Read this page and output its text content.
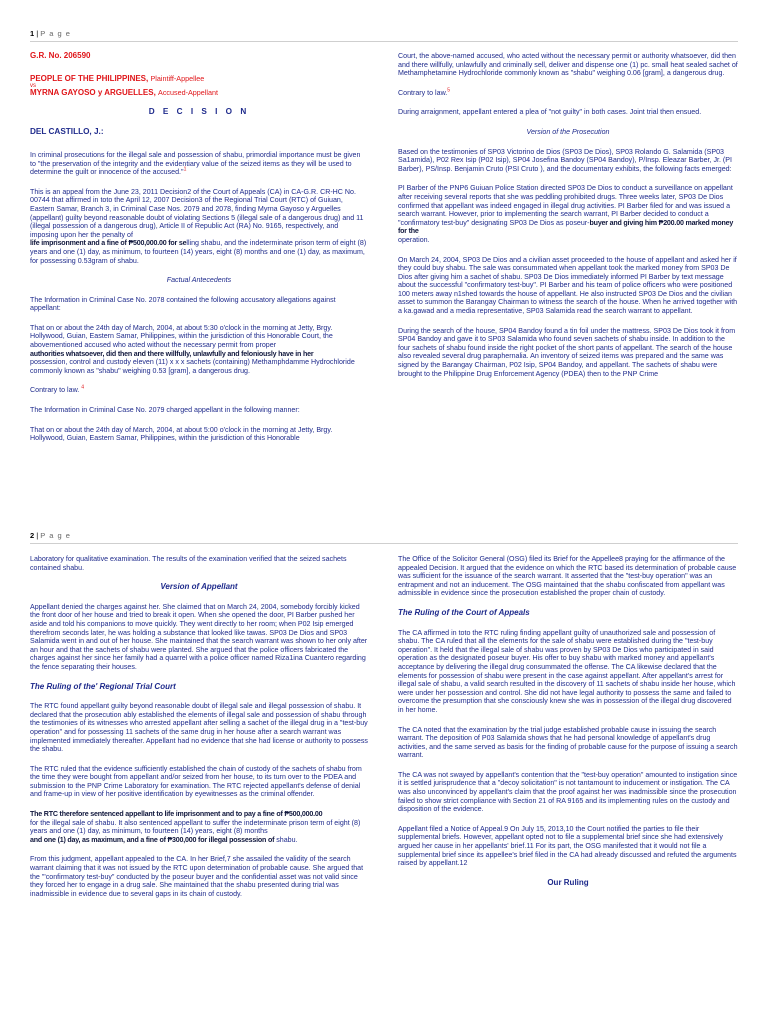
1 | P a g e
G.R. No. 206590
PEOPLE OF THE PHILIPPINES, Plaintiff-Appellee
vs
MYRNA GAYOSO y ARGUELLES, Accused-Appellant
D E C I S I O N
DEL CASTILLO, J.:

In criminal prosecutions for the illegal sale and possession of shabu, primordial importance must be given to "the preservation of the integrity and the evidentiary value of the seized items as they will be used to determine the guilt or innocence of the accused."$^1$

This is an appeal from the June 23, 2011 Decision2 of the Court of Appeals (CA) in CA-G.R. CR-HC No. 00744 that affirmed in toto the April 12, 2007 Decision3 of the Regional Trial Court (RTC) of Guiuan, Eastern Samar, Branch 3, in Criminal Case Nos. 2079 and 2078, finding Myrna Gayoso y Arguelles (appellant) guilty beyond reasonable doubt of violating Sections 5 (illegal sale of a dangerous drug) and 11 (illegal possession of a dangerous drug), Article II of Republic Act (RA) No. 9165, respectively, and imposing upon her the penalty of
life imprisonment and a fine of ₱500,000.00 for selling shabu, and the indeterminate prison term of eight (8) years and one (1) day, as minimum, to fourteen (14) years, eight (8) months and one (1) day, as maximum, for possessing 0.53gram of shabu.

Factual Antecedents

The Information in Criminal Case No. 2078 contained the following accusatory allegations against appellant:

That on or about the 24th day of March, 2004, at about 5:30 o'clock in the morning at Jetty, Brgy. Hollywood, Guian, Eastern Samar, Philippines, within the jurisdiction of this Honorable Court, the abovementioned accused who acted without the necessary permit from proper
authorities whatsoever, did then and there willfully, unlawfully and feloniously have in her
possession, control and custody eleven (11) x x x sachets (containing) Methamphdamme Hydrochloride commonly known as "shabu" weighing 0.53 [gram], a dangerous drug.

Contrary to law. $^4$

The Information in Criminal Case No. 2079 charged appellant in the following manner:

That on or about the 24th day of March, 2004, at about 5:00 o'clock in the morning at Jetty, Brgy. Hollywood, Guian, Eastern Samar, Philippines, within the jurisdiction of this Honorable

Court, the above-named accused, who acted without the necessary permit or authority whatsoever, did then and there willfully, unlawfully and criminally sell, deliver and dispense one (1) pc. small heat sealed sachet of Methamphetamine Hydrochloride commonly known as "shabu" weighing 0.06 [gram], a dangerous drug.

Contrary to law.$^5$

During arraignment, appellant entered a plea of "not guilty" in both cases. Joint trial then ensued.

Version of the Prosecution

Based on the testimonies of SP03 Victorino de Dios (SP03 De Dios), SP03 Rolando G. Salamida (SP03 Sa1amida), P02 Rex Isip (P02 Isip), SP04 Josefina Bandoy (SP04 Bandoy), P/Insp. Eleazar Barber, Jr. (PI Barber), PS/Insp. Benjamin Cruto (PSI Cruto ), and the documentary exhibits, the following facts emerged:

PI Barber of the PNP6 Guiuan Police Station directed SP03 De Dios to conduct a surveillance on appellant after receiving several reports that she was peddling prohibited drugs. Three weeks later, SP03 De Dios confirmed that appellant was indeed engaged in illegal drug activities. PI Barber filed for and was issued a search warrant. However, prior to implementing the search warrant, PI Barber decided to conduct a "confirmatory test-buy" designating SP03 De Dios as poseur-buyer and giving him ₱200.00 marked money for the
operation.

On March 24, 2004, SP03 De Dios and a civilian asset proceeded to the house of appellant and asked her if they could buy shabu. The sale was consummated when appellant took the marked money from SP03 De Dios after giving him a sachet of shabu. SP03 De Dios immediately informed PI Barber by text message about the successful "confirmatory test-buy". PI Barber and his team of police officers who were positioned 100 meters away n1shed towards the house of appellant. He also instructed SP03 De Dios and the civilian asset to summon the Barangay Chairman to witness the search of the house. When he arrived together with a ka.gawad and a media representative, SP03 Salamida read the search warrant to appellant.

During the search of the house, SP04 Bandoy found a tin foil under the mattress. SP03 De Dios took it from SP04 Bandoy and gave it to SP03 Salamida who found seven sachets of shabu inside. In addition to the four sachets of shabu found inside the right pocket of the short pants of appellant. The search of the house also revealed several drug paraphernalia. An inventory of seized items was prepared and the same was signed by the Barangay Chairman, P02 Isip, SP04 Bandoy, and appellant. The sachets of shabu were brought to the Philippine Drug Enforcement Agency (PDEA) then to the PNP Crime

2 | P a g e

Laboratory for qualitative examination. The results of the examination verified that the seized sachets contained shabu.

Version of Appellant

Appellant denied the charges against her. She claimed that on March 24, 2004, somebody forcibly kicked the front door of her house and tried to break it open. When she opened the door, PI Barber pushed her aside and told his companions to move quickly. They went directly to her room; when P02 Isip emerged therefrom seconds later, he was holding a substance that looked like tawas. SP03 De Dios and SP03 Salamida went in and out of her house. She maintained that the search warrant was shown to her only after an hour and that the sachets of shabu were planted. She argued that the police officers fabricated the charges against her since her family had a quarrel with a police officer named Riza1ina Cuantero regarding the fence separating their houses.

The Ruling of the' Regional Trial Court

The RTC found appellant guilty beyond reasonable doubt of illegal sale and illegal possession of shabu. It declared that the prosecution ably established the elements of illegal sale and possession of shabu through the testimonies of its witnesses who arrested appellant after selling a sachet of the illegal drug in a "test-buy operation" and for possessing 11 sachets of the same drug in her house after a search warrant was implemented immediately thereafter. Appellant had no evidence that she had license or authority to possess the shabu.

The RTC ruled that the evidence sufficiently established the chain of custody of the sachets of shabu from the time they were bought from appellant and/or seized from her house, to its turn over to the PDEA and submission to the PNP Crime Laboratory for examination. The RTC rejected appellant's defense of denial and frame-up in view of her positive identification by eyewitnesses as the criminal offender.

The RTC therefore sentenced appellant to life imprisonment and to pay a fine of ₱500,000.00
for the illegal sale of shabu. It also sentenced appellant to suffer the indeterminate prison term of eight (8) years and one (1) day, as minimum, to fourteen (14) years, eight (8) months
and one (1) day, as maximum, and a fine of ₱300,000 for illegal possession of shabu.

From this judgment, appellant appealed to the CA. In her Brief,7 she assailed the validity of the search warrant claiming that it was not issued by the RTC upon determination of probable cause. She argued that the "'confirmatory test-buy" conducted by the poseur buyer and the confidential asset was not valid since they forced her to engage in a drug sale. She maintained that the shabu presented during trial was inadmissible in evidence due to several gaps in its chain of custody.

The Office of the Solicitor General (OSG) filed its Brief for the Appellee8 praying for the affirmance of the appealed Decision. It argued that the evidence on which the RTC based its determination of probable cause was sufficient for the issuance of the search warrant. It asserted that the "test-buy operation" was an entrapment and not an inducement. The OSG maintained that the shabu confiscated from appellant was admissible in evidence since the prosecution established the proper chain of custody.

The Ruling of the Court of Appeals

The CA affirmed in toto the RTC ruling finding appellant guilty of unauthorized sale and possession of shabu. The CA ruled that all the elements for the sale of shabu were established during the "test-buy operation". It held that the illegal sale of shabu was proven by SP03 De Dios who participated in said operation as the designated poseur buyer. His offer to buy shabu with marked money and appellant's acceptance by delivering the illegal drug consummated the offense. The CA likewise declared that the elements for possession of shabu were present in the case against appellant. After appellant's arrest for illegal sale of shabu, a valid search resulted in the discovery of 11 sachets of shabu inside her house, which were under her possession and control. She did not have legal authority to possess the same and failed to overcome the presumption that she consciously knew she was in possession of the illegal drug discovered in her home.

The CA noted that the examination by the trial judge established probable cause in issuing the search warrant. The deposition of P03 Salamida shows that he had personal knowledge of appellant's drug activities, and the same served as basis for the finding of probable cause for the purpose of issuing a search warrant.

The CA was not swayed by appellant's contention that the "test-buy operation" amounted to instigation since it is settled jurisprudence that a "decoy solicitation" is not tantamount to inducement or instigation. The CA was also unconvinced by appellant's claim that the proof against her was inadmissible since the prosecution failed to show strict compliance with Section 21 of RA 9165 and its implementing rules on the custody and disposition of the evidence.

Appellant filed a Notice of Appeal.9 On July 15, 2013,10 the Court notified the parties to file their supplemental briefs. However, appellant opted not to file a supplemental brief since she had extensively argued her cause in her appellants' brief.11 For its part, the OSG manifested that it would not file a supplemental brief since its appellee's brief filed in the CA had already discussed and refuted the arguments raised by appellant.12

Our Ruling
